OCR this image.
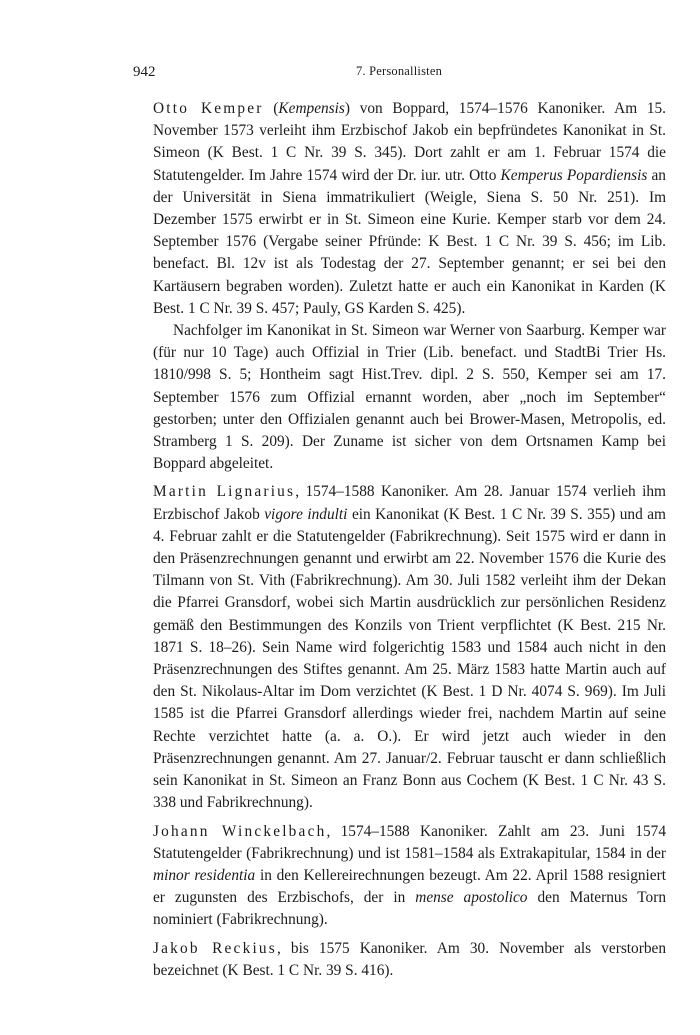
942	7. Personallisten

Otto Kemper (Kempensis) von Boppard, 1574–1576 Kanoniker. Am 15. November 1573 verleiht ihm Erzbischof Jakob ein bepfründetes Kanonikat in St. Simeon (K Best. 1 C Nr. 39 S. 345). Dort zahlt er am 1. Februar 1574 die Statutengelder. Im Jahre 1574 wird der Dr. iur. utr. Otto Kemperus Popardiensis an der Universität in Siena immatrikuliert (Weigle, Siena S. 50 Nr. 251). Im Dezember 1575 erwirbt er in St. Simeon eine Kurie. Kemper starb vor dem 24. September 1576 (Vergabe seiner Pfründe: K Best. 1 C Nr. 39 S. 456; im Lib. benefact. Bl. 12v ist als Todestag der 27. September genannt; er sei bei den Kartäusern begraben worden). Zuletzt hatte er auch ein Kanonikat in Karden (K Best. 1 C Nr. 39 S. 457; Pauly, GS Karden S. 425).

Nachfolger im Kanonikat in St. Simeon war Werner von Saarburg. Kemper war (für nur 10 Tage) auch Offizial in Trier (Lib. benefact. und StadtBi Trier Hs. 1810/998 S. 5; Hontheim sagt Hist.Trev. dipl. 2 S. 550, Kemper sei am 17. September 1576 zum Offizial ernannt worden, aber „noch im September“ gestorben; unter den Offizialen genannt auch bei Brower-Masen, Metropolis, ed. Stramberg 1 S. 209). Der Zuname ist sicher von dem Ortsnamen Kamp bei Boppard abgeleitet.

Martin Lignarius, 1574–1588 Kanoniker. Am 28. Januar 1574 verlieh ihm Erzbischof Jakob vigore indulti ein Kanonikat (K Best. 1 C Nr. 39 S. 355) und am 4. Februar zahlt er die Statutengelder (Fabrikrechnung). Seit 1575 wird er dann in den Präsenzrechnungen genannt und erwirbt am 22. November 1576 die Kurie des Tilmann von St. Vith (Fabrikrechnung). Am 30. Juli 1582 verleiht ihm der Dekan die Pfarrei Gransdorf, wobei sich Martin ausdrücklich zur persönlichen Residenz gemäß den Bestimmungen des Konzils von Trient verpflichtet (K Best. 215 Nr. 1871 S. 18–26). Sein Name wird folgerichtig 1583 und 1584 auch nicht in den Präsenzrechnungen des Stiftes genannt. Am 25. März 1583 hatte Martin auch auf den St. Nikolaus-Altar im Dom verzichtet (K Best. 1 D Nr. 4074 S. 969). Im Juli 1585 ist die Pfarrei Gransdorf allerdings wieder frei, nachdem Martin auf seine Rechte verzichtet hatte (a. a. O.). Er wird jetzt auch wieder in den Präsenzrechnungen genannt. Am 27. Januar/2. Februar tauscht er dann schließlich sein Kanonikat in St. Simeon an Franz Bonn aus Cochem (K Best. 1 C Nr. 43 S. 338 und Fabrikrechnung).

Johann Winckelbach, 1574–1588 Kanoniker. Zahlt am 23. Juni 1574 Statutengelder (Fabrikrechnung) und ist 1581–1584 als Extrakapitular, 1584 in der minor residentia in den Kellereirechnungen bezeugt. Am 22. April 1588 resigniert er zugunsten des Erzbischofs, der in mense apostolico den Maternus Torn nominiert (Fabrikrechnung).

Jakob Reckius, bis 1575 Kanoniker. Am 30. November als verstorben bezeichnet (K Best. 1 C Nr. 39 S. 416).
